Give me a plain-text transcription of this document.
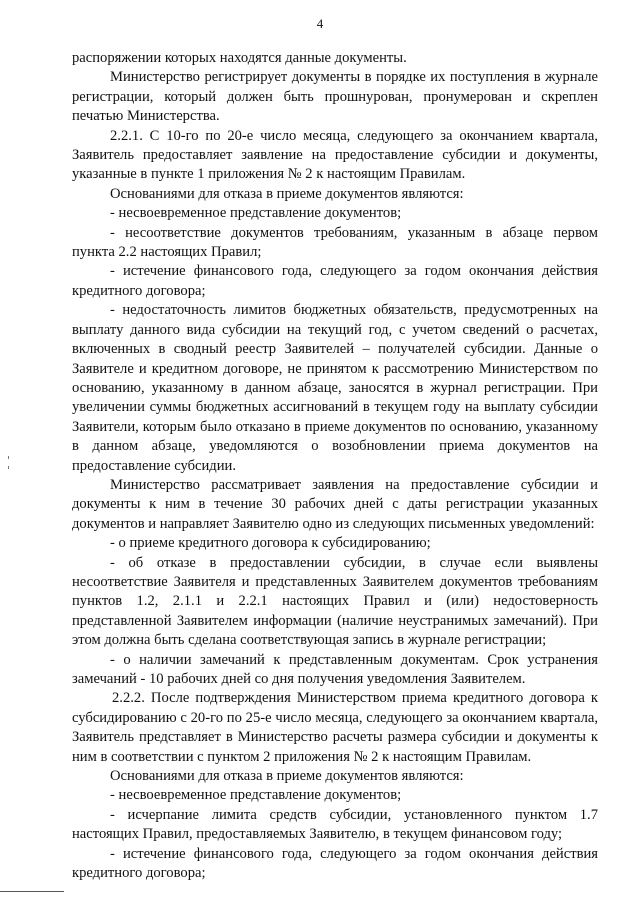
4

распоряжении которых находятся данные документы.

Министерство регистрирует документы в порядке их поступления в журнале регистрации, который должен быть прошнурован, пронумерован и скреплен печатью Министерства.

2.2.1. С 10-го по 20-е число месяца, следующего за окончанием квартала, Заявитель предоставляет заявление на предоставление субсидии и документы, указанные в пункте 1 приложения № 2 к настоящим Правилам.

Основаниями для отказа в приеме документов являются:

- несвоевременное представление документов;

- несоответствие документов требованиям, указанным в абзаце первом пункта 2.2 настоящих Правил;

- истечение финансового года, следующего за годом окончания действия кредитного договора;

- недостаточность лимитов бюджетных обязательств, предусмотренных на выплату данного вида субсидии на текущий год, с учетом сведений о расчетах, включенных в сводный реестр Заявителей – получателей субсидии. Данные о Заявителе и кредитном договоре, не принятом к рассмотрению Министерством по основанию, указанному в данном абзаце, заносятся в журнал регистрации. При увеличении суммы бюджетных ассигнований в текущем году на выплату субсидии Заявители, которым было отказано в приеме документов по основанию, указанному в данном абзаце, уведомляются о возобновлении приема документов на предоставление субсидии.

Министерство рассматривает заявления на предоставление субсидии и документы к ним в течение 30 рабочих дней с даты регистрации указанных документов и направляет Заявителю одно из следующих письменных уведомлений:

- о приеме кредитного договора к субсидированию;

- об отказе в предоставлении субсидии, в случае если выявлены несоответствие Заявителя и представленных Заявителем документов требованиям пунктов 1.2, 2.1.1 и 2.2.1 настоящих Правил и (или) недостоверность представленной Заявителем информации (наличие неустранимых замечаний). При этом должна быть сделана соответствующая запись в журнале регистрации;

- о наличии замечаний к представленным документам. Срок устранения замечаний - 10 рабочих дней со дня получения уведомления Заявителем.

2.2.2. После подтверждения Министерством приема кредитного договора к субсидированию с 20-го по 25-е число месяца, следующего за окончанием квартала, Заявитель представляет в Министерство расчеты размера субсидии и документы к ним в соответствии с пунктом 2 приложения № 2 к настоящим Правилам.

Основаниями для отказа в приеме документов являются:

- несвоевременное представление документов;

- исчерпание лимита средств субсидии, установленного пунктом 1.7 настоящих Правил, предоставляемых Заявителю, в текущем финансовом году;

- истечение финансового года, следующего за годом окончания действия кредитного договора;
